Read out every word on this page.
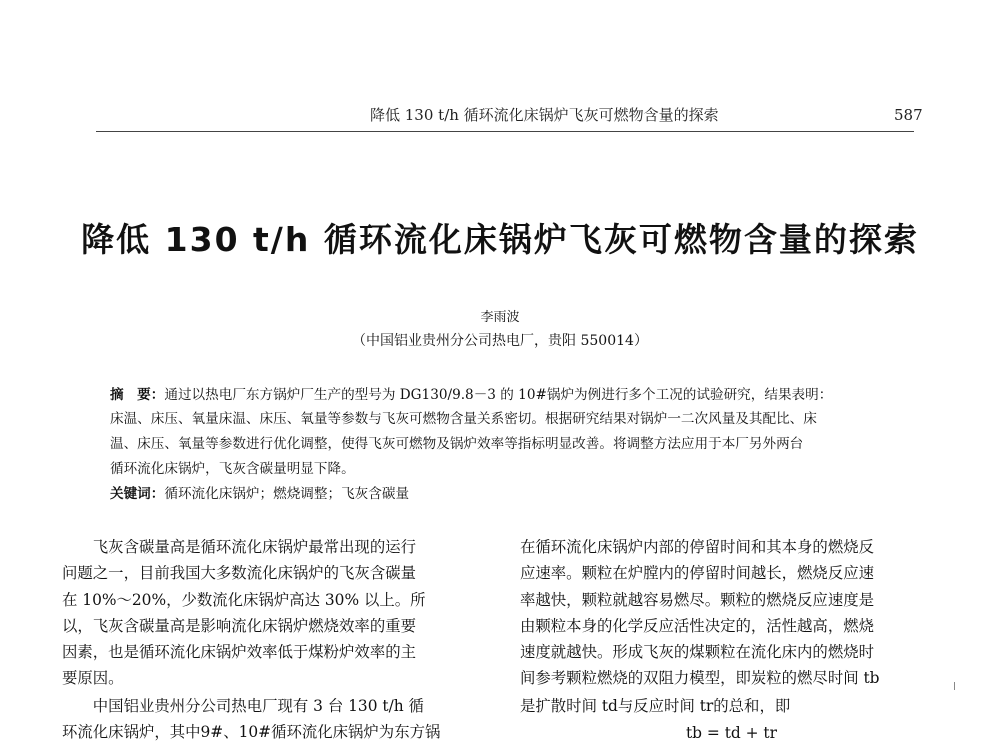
降低 130 t/h 循环流化床锅炉飞灰可燃物含量的探索	587
降低 130 t/h 循环流化床锅炉飞灰可燃物含量的探索
李雨波
（中国铝业贵州分公司热电厂，贵阳 550014）
摘　要：通过以热电厂东方锅炉厂生产的型号为 DG130/9.8－3 的 10#锅炉为例进行多个工况的试验研究，结果表明：
床温、床压、氧量床温、床压、氧量等参数与飞灰可燃物含量关系密切。根据研究结果对锅炉一二次风量及其配比、床
温、床压、氧量等参数进行优化调整，使得飞灰可燃物及锅炉效率等指标明显改善。将调整方法应用于本厂另外两台
循环流化床锅炉，飞灰含碳量明显下降。
关键词：循环流化床锅炉；燃烧调整；飞灰含碳量
　　飞灰含碳量高是循环流化床锅炉最常出现的运行
问题之一，目前我国大多数流化床锅炉的飞灰含碳量
在 10%～20%，少数流化床锅炉高达 30% 以上。所
以，飞灰含碳量高是影响流化床锅炉燃烧效率的重要
因素，也是循环流化床锅炉效率低于煤粉炉效率的主
要原因。
　　中国铝业贵州分公司热电厂现有 3 台 130 t/h 循
环流化床锅炉，其中9#、10#循环流化床锅炉为东方锅
在循环流化床锅炉内部的停留时间和其本身的燃烧反
应速率。颗粒在炉膛内的停留时间越长，燃烧反应速
率越快，颗粒就越容易燃尽。颗粒的燃烧反应速度是
由颗粒本身的化学反应活性决定的，活性越高，燃烧
速度就越快。形成飞灰的煤颗粒在流化床内的燃烧时
间参考颗粒燃烧的双阻力模型，即炭粒的燃尽时间 tb
是扩散时间 td与反应时间 tr的总和，即
tb = td + tr
